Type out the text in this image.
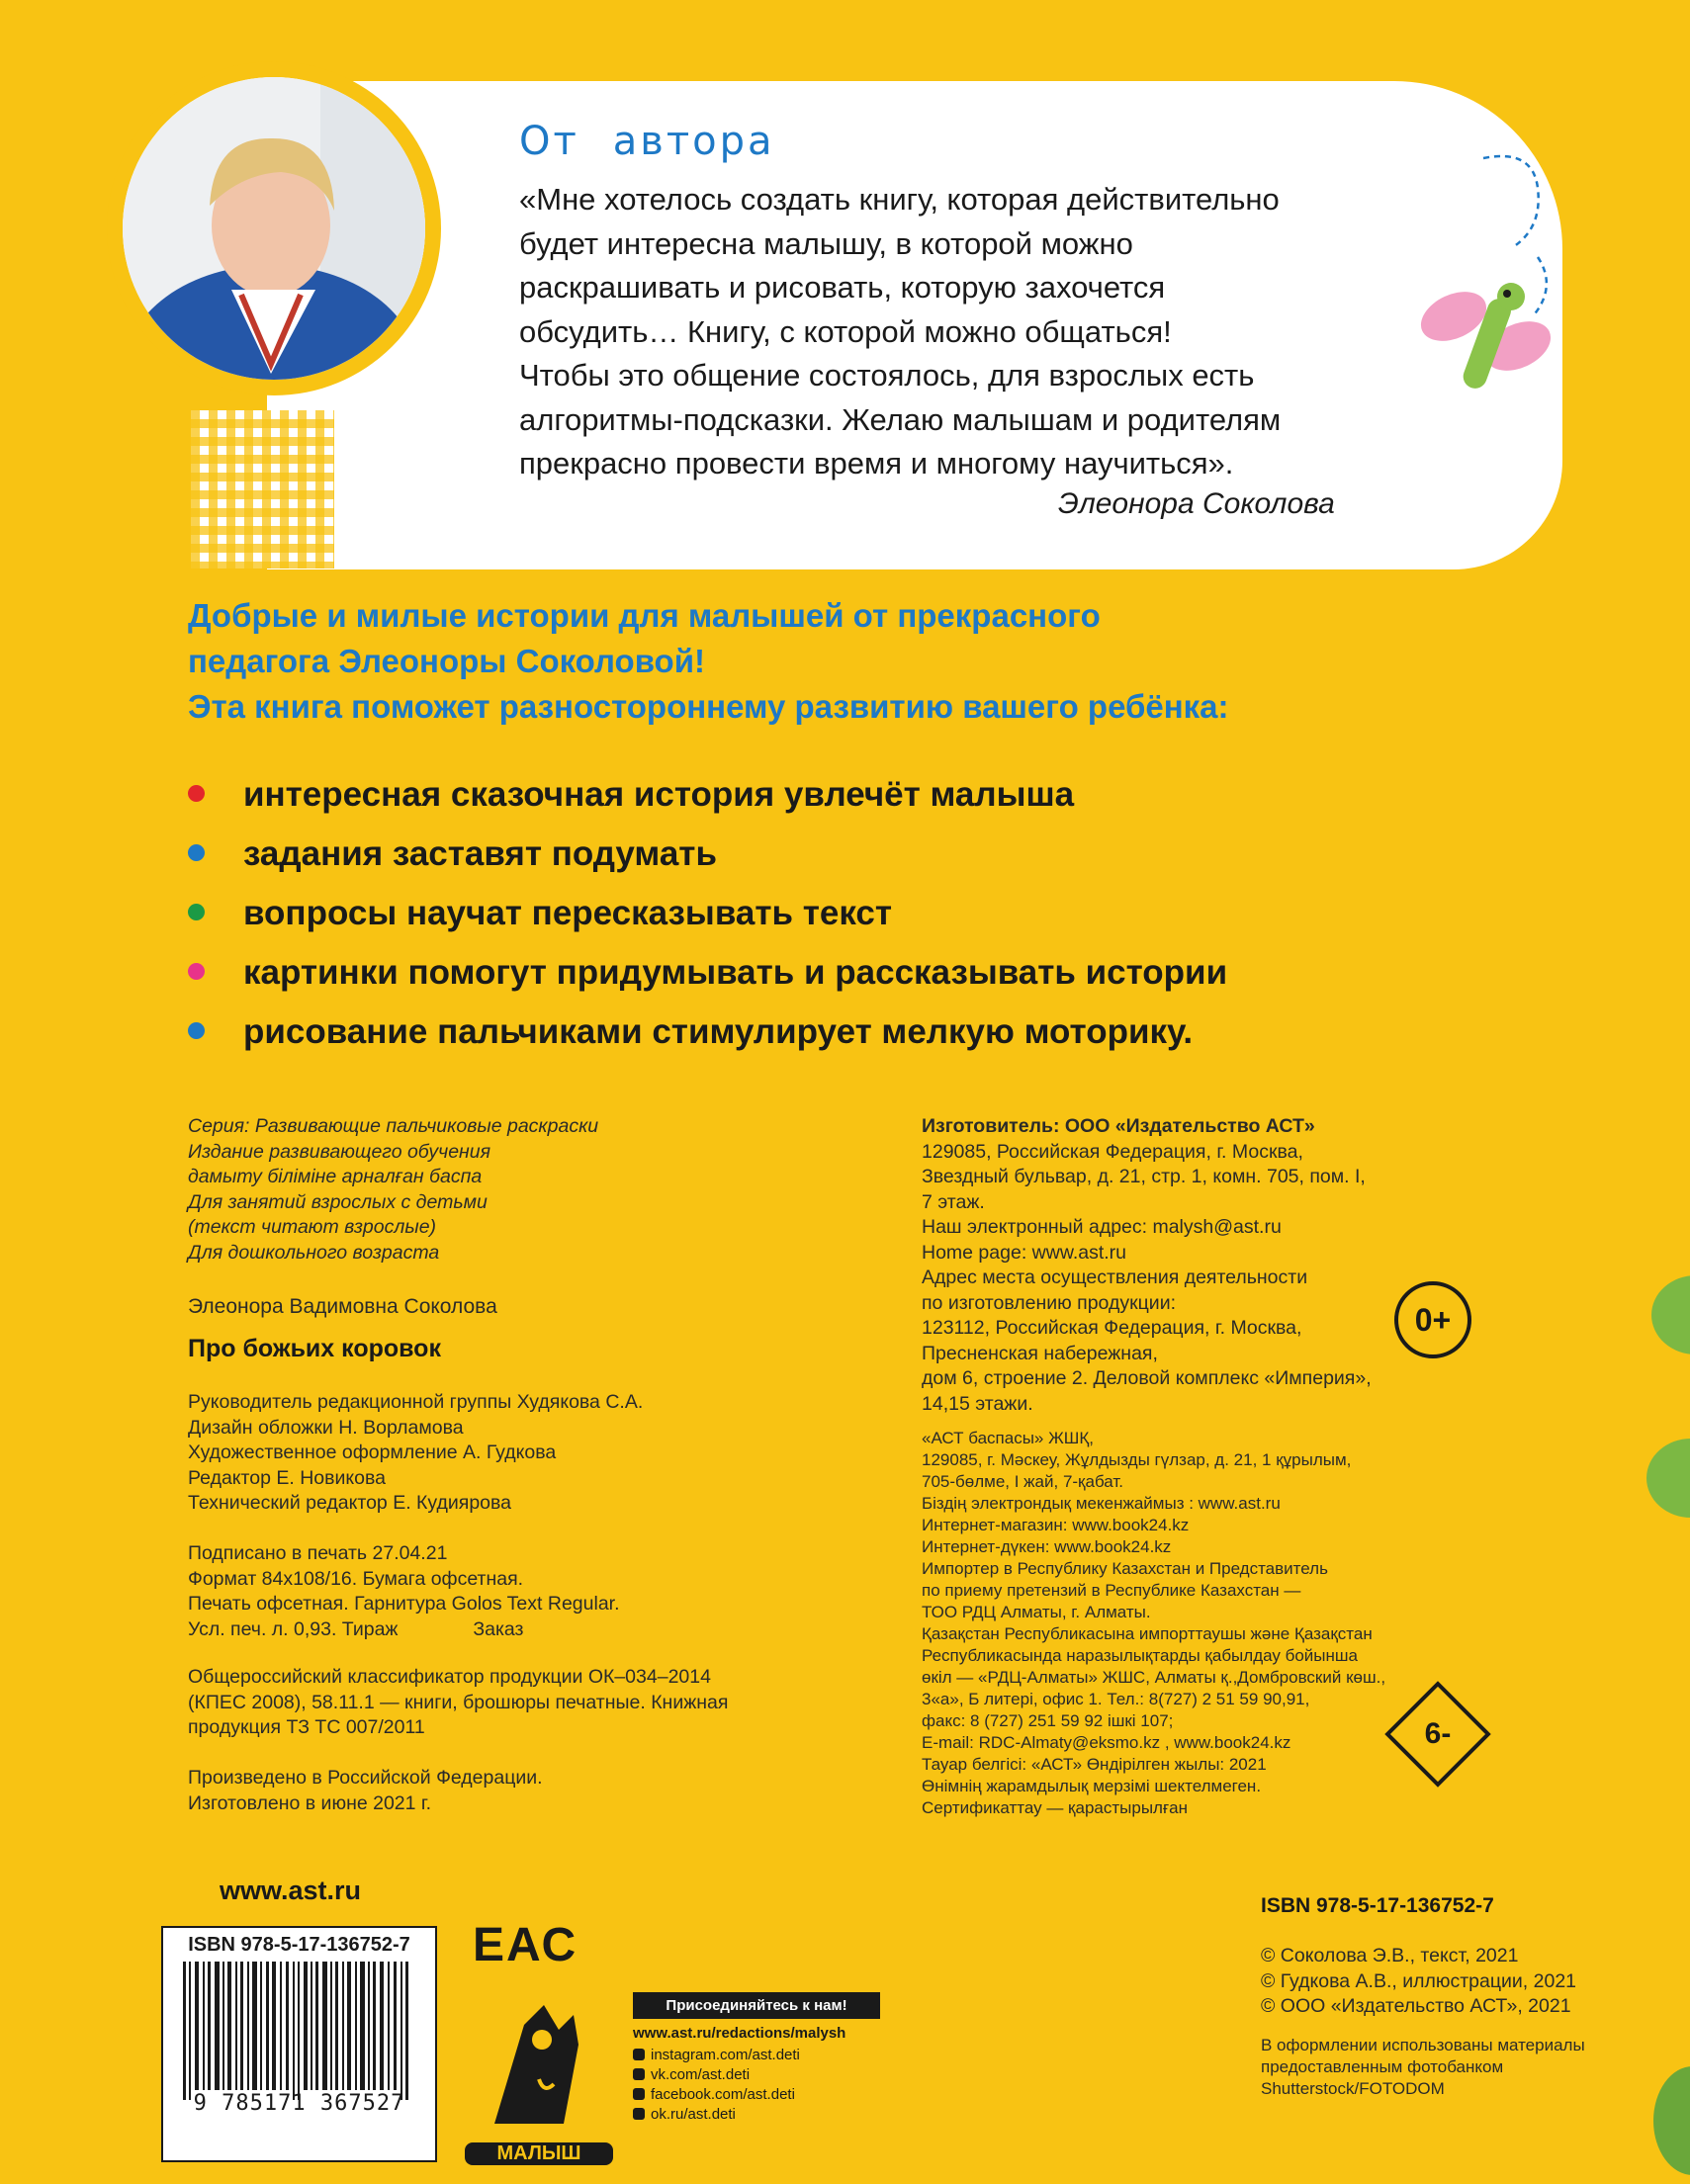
От автора
«Мне хотелось создать книгу, которая действительно
будет интересна малышу, в которой можно
раскрашивать и рисовать, которую захочется
обсудить… Книгу, с которой можно общаться!
Чтобы это общение состоялось, для взрослых есть
алгоритмы-подсказки. Желаю малышам и родителям
прекрасно провести время и многому научиться».
Элеонора Соколова
Добрые и милые истории для малышей от прекрасного
педагога Элеоноры Соколовой!
Эта книга поможет разностороннему развитию вашего ребёнка:
интересная сказочная история увлечёт малыша
задания заставят подумать
вопросы научат пересказывать текст
картинки помогут придумывать и рассказывать истории
рисование пальчиками стимулирует мелкую моторику.
Серия: Развивающие пальчиковые раскраски
Издание развивающего обучения
дамыту біліміне арналған баспа
Для занятий взрослых с детьми
(текст читают взрослые)
Для дошкольного возраста
Элеонора Вадимовна Соколова
Про божьих коровок
Руководитель редакционной группы Худякова С.А.
Дизайн обложки Н. Ворламова
Художественное оформление А. Гудкова
Редактор Е. Новикова
Технический редактор Е. Кудиярова
Подписано в печать 27.04.21
Формат 84х108/16. Бумага офсетная.
Печать офсетная. Гарнитура Golos Text Regular.
Усл. печ. л. 0,93. Тираж              Заказ
Общероссийский классификатор продукции ОК–034–2014
(КПЕС 2008), 58.11.1 — книги, брошюры печатные. Книжная
продукция ТЗ ТС 007/2011
Произведено в Российской Федерации.
Изготовлено в июне 2021 г.
Изготовитель: ООО «Издательство АСТ»
129085, Российская Федерация, г. Москва,
Звездный бульвар, д. 21, стр. 1, комн. 705, пом. I,
7 этаж.
Наш электронный адрес: malysh@ast.ru
Home page: www.ast.ru
Адрес места осуществления деятельности
по изготовлению продукции:
123112, Российская Федерация, г. Москва,
Пресненская набережная,
дом 6, строение 2. Деловой комплекс «Империя»,
14,15 этажи.
0+
«АСТ баспасы» ЖШҚ,
129085, г. Мәскеу, Жұлдызды гүлзар, д. 21, 1 құрылым,
705-бөлме, I жай, 7-қабат.
Біздің электрондық мекенжаймыз : www.ast.ru
Интернет-магазин: www.book24.kz
Интернет-дүкен: www.book24.kz
Импортер в Республику Казахстан и Представитель
по приему претензий в Республике Казахстан —
ТОО РДЦ Алматы, г. Алматы.
Қазақстан Республикасына импорттаушы және Қазақстан
Республикасында наразылықтарды қабылдау бойынша
өкіл — «РДЦ-Алматы» ЖШС, Алматы қ.,Домбровский көш.,
3«а», Б литері, офис 1. Тел.: 8(727) 2 51 59 90,91,
факс: 8 (727) 251 59 92 ішкі 107;
E-mail: RDC-Almaty@eksmo.kz , www.book24.kz
Тауар белгісі: «АСТ» Өндірілген жылы: 2021
Өнімнің жарамдылық мерзімі шектелмеген.
Сертификаттау — қарастырылған
6-
www.ast.ru
ISBN 978-5-17-136752-7
9 785171 367527
ЕАС
МАЛЫШ
Присоединяйтесь к нам!
www.ast.ru/redactions/malysh
instagram.com/ast.deti
vk.com/ast.deti
facebook.com/ast.deti
ok.ru/ast.deti
ISBN 978-5-17-136752-7
© Соколова Э.В., текст, 2021
© Гудкова А.В., иллюстрации, 2021
© ООО «Издательство АСТ», 2021
В оформлении использованы материалы
предоставленным фотобанком
Shutterstock/FOTODOM
